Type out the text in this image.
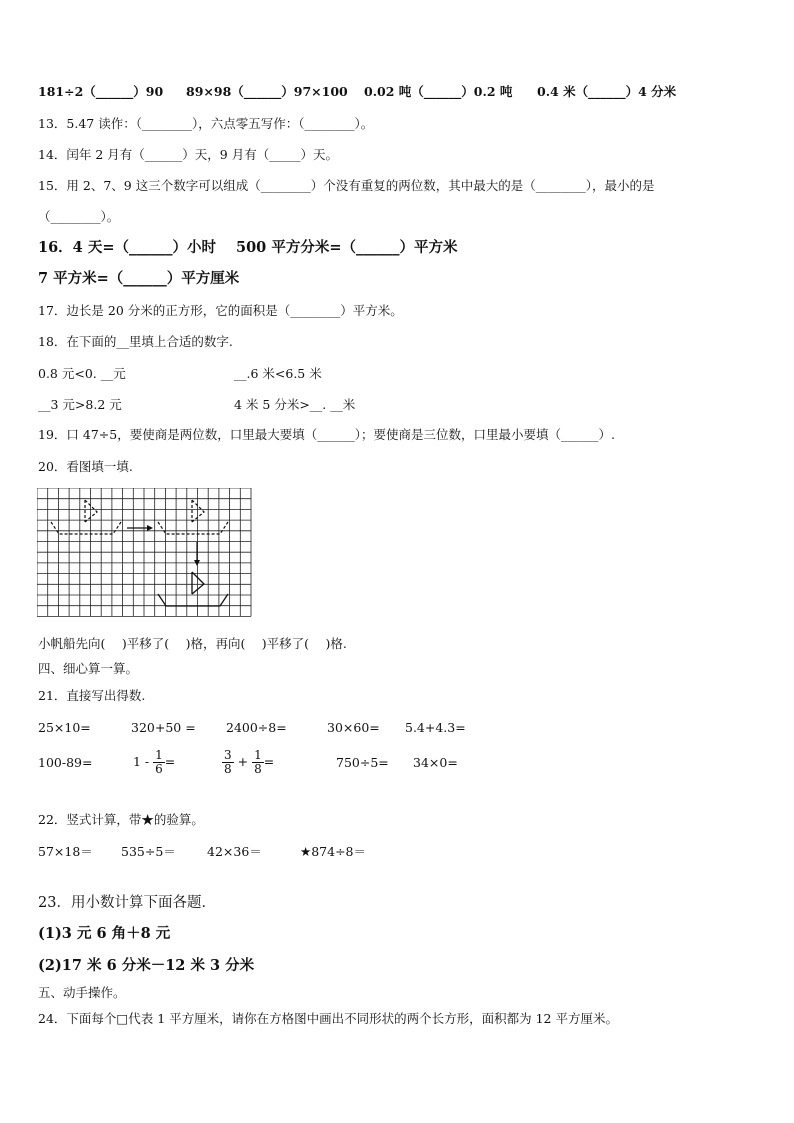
181÷2（______）90 89×98（______）97×100 0.02 吨（______）0.2 吨 0.4 米（______）4 分米
13．5.47 读作：（________），六点零五写作：（________）。
14．闰年 2 月有（______）天，9 月有（_____）天。
15．用 2、7、9 这三个数字可以组成（________）个没有重复的两位数，其中最大的是（________），最小的是
（________）。
16．4 天=（______）小时 500 平方分米=（______）平方米
7 平方米=（______）平方厘米
17．边长是 20 分米的正方形，它的面积是（________）平方米。
18．在下面的__里填上合适的数字.
0.8 元<0. __元	__.6 米<6.5 米
__3 元>8.2 元	4 米 5 分米>__. __米
19．口 47÷5，要使商是两位数，口里最大要填（______）；要使商是三位数，口里最小要填（______）.
20．看图填一填.
小帆船先向(　 )平移了(　 )格，再向(　 )平移了(　 )格.
四、细心算一算。
21．直接写出得数.
25×10=	320+50 = 2400÷8=	30×60= 5.4+4.3=
100-89=	$1 - \frac{1}{6}$ =	$\frac{3}{8} + \frac{1}{8}$ =	750÷5= 34×0=
22．竖式计算，带★的验算。
57×18＝ 535÷5＝ 42×36＝	★874÷8＝
23．用小数计算下面各题．
(1)3 元 6 角＋8 元
(2)17 米 6 分米－12 米 3 分米
五、动手操作。
24．下面每个□代表 1 平方厘米，请你在方格图中画出不同形状的两个长方形，面积都为 12 平方厘米。
